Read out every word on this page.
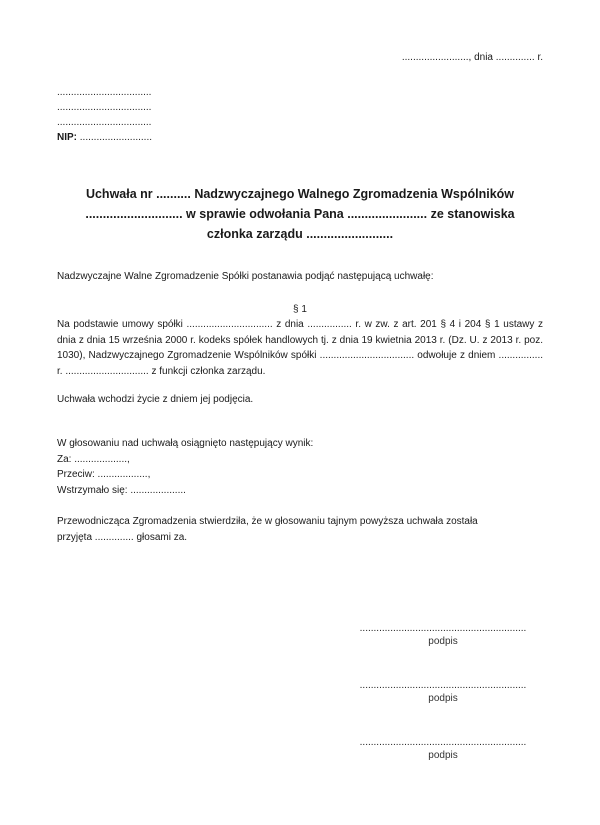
........................, dnia .............. r.
..................................
..................................
..................................
NIP: ..........................
Uchwała nr .......... Nadzwyczajnego Walnego Zgromadzenia Wspólników
............................ w sprawie odwołania Pana ....................... ze stanowiska
członka zarządu .........................
Nadzwyczajne Walne Zgromadzenie Spółki postanawia podjąć następującą uchwałę:
§ 1
Na podstawie umowy spółki ............................... z dnia ................ r. w zw. z art. 201 § 4 i 204 § 1 ustawy z dnia z dnia 15 września 2000 r. kodeks spółek handlowych tj. z dnia 19 kwietnia 2013 r. (Dz. U. z 2013 r. poz. 1030), Nadzwyczajnego Zgromadzenie Wspólników spółki .................................. odwołuje z dniem ................ r. .............................. z funkcji członka zarządu.
Uchwała wchodzi życie z dniem jej podjęcia.
W głosowaniu nad uchwałą osiągnięto następujący wynik:
Za: ...................,
Przeciw: ..................,
Wstrzymało się: ....................
Przewodnicząca Zgromadzenia stwierdziła, że w głosowaniu tajnym powyższa uchwała została przyjęta .............. głosami za.
............................................................
podpis
............................................................
podpis
............................................................
podpis
